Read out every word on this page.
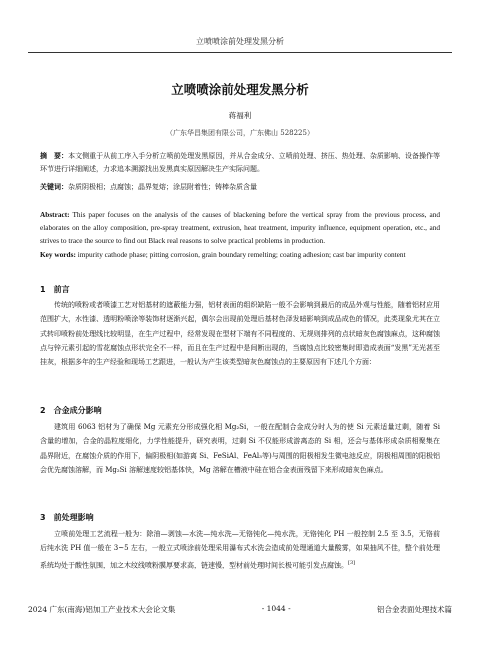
立喷喷涂前处理发黑分析
立喷喷涂前处理发黑分析
蒋福利
（广东华昌集团有限公司，广东佛山 528225）
摘　要：本文侧重于从前工序入手分析立喷前处理发黑原因，并从合金成分、立喷前处理、挤压、热处理、杂质影响、设备操作等环节进行详细阐述，力求追本溯源找出发黑真实原因解决生产实际问题。
关键词：杂质阴极相；点腐蚀；晶界复熔；涂层附着性；铸棒杂质含量
Abstract: This paper focuses on the analysis of the causes of blackening before the vertical spray from the previous process, and elaborates on the alloy composition, pre-spray treatment, extrusion, heat treatment, impurity influence, equipment operation, etc., and strives to trace the source to find out Black real reasons to solve practical problems in production.
Key words: impurity cathode phase; pitting corrosion, grain boundary remelting; coating adhesion; cast bar impurity content
1　前言
传统的喷粉或者喷漆工艺对铝基材的遮蔽能力强，铝材表面的组织缺陷一般不会影响到最后的成品外观与性能，随着铝材应用范围扩大，水性漆、透明粉喷涂等装饰材逐渐兴起，偶尔会出现前处理后基材色泽发暗影响到成品成色的情况，此类现象尤其在立式转印喷粉前处理线比较明显，在生产过程中，经常发现在型材下端有不同程度的、无规则排列的点状暗灰色腐蚀麻点，这种腐蚀点与锌元素引起的雪花腐蚀点形状完全不一样，而且在生产过程中是间断出现的，当腐蚀点比较密集时即造成表面“发黑”无光甚至挂灰，根据多年的生产经验和现场工艺跟进，一般认为产生该类型暗灰色腐蚀点的主要原因有下述几个方面：
2　合金成分影响
建筑用 6063 铝材为了确保 Mg 元素充分形成强化相 Mg₂Si，一般在配制合金成分时人为的使 Si 元素适量过剩，随着 Si 含量的增加，合金的晶粒度细化，力学性能提升，研究表明，过剩 Si 不仅能形成游离态的 Si 相，还会与基体形成杂质相聚集在晶界附近，在腐蚀介质的作用下，偏阴极相(如游离 Si、FeSiAl、FeAl₃等)与周围的阳极相发生微电池反应，阴极相周围的阳极铝会优先腐蚀溶解，而 Mg₂Si 溶解速度较铝基体快，Mg 溶解在槽液中硅在铝合金表面残留下来形成暗灰色麻点。
3　前处理影响
立喷前处理工艺流程一般为：除油—剥蚀—水洗—纯水洗—无铬钝化—纯水洗，无铬钝化 PH 一般控制 2.5 至 3.5，无铬前后纯水洗 PH 值一般在 3~5 左右，一般立式喷涂前处理采用瀑布式水洗会造成前处理通道大量酸雾，如果抽风不佳，整个前处理系统均处于酸性氛围，加之木纹线喷粉膜厚要求高，链速慢，型材前处理时间长极可能引发点腐蚀。[3]
2024 广东(南海)铝加工产业技术大会论文集	- 1044 -	铝合金表面处理技术篇
